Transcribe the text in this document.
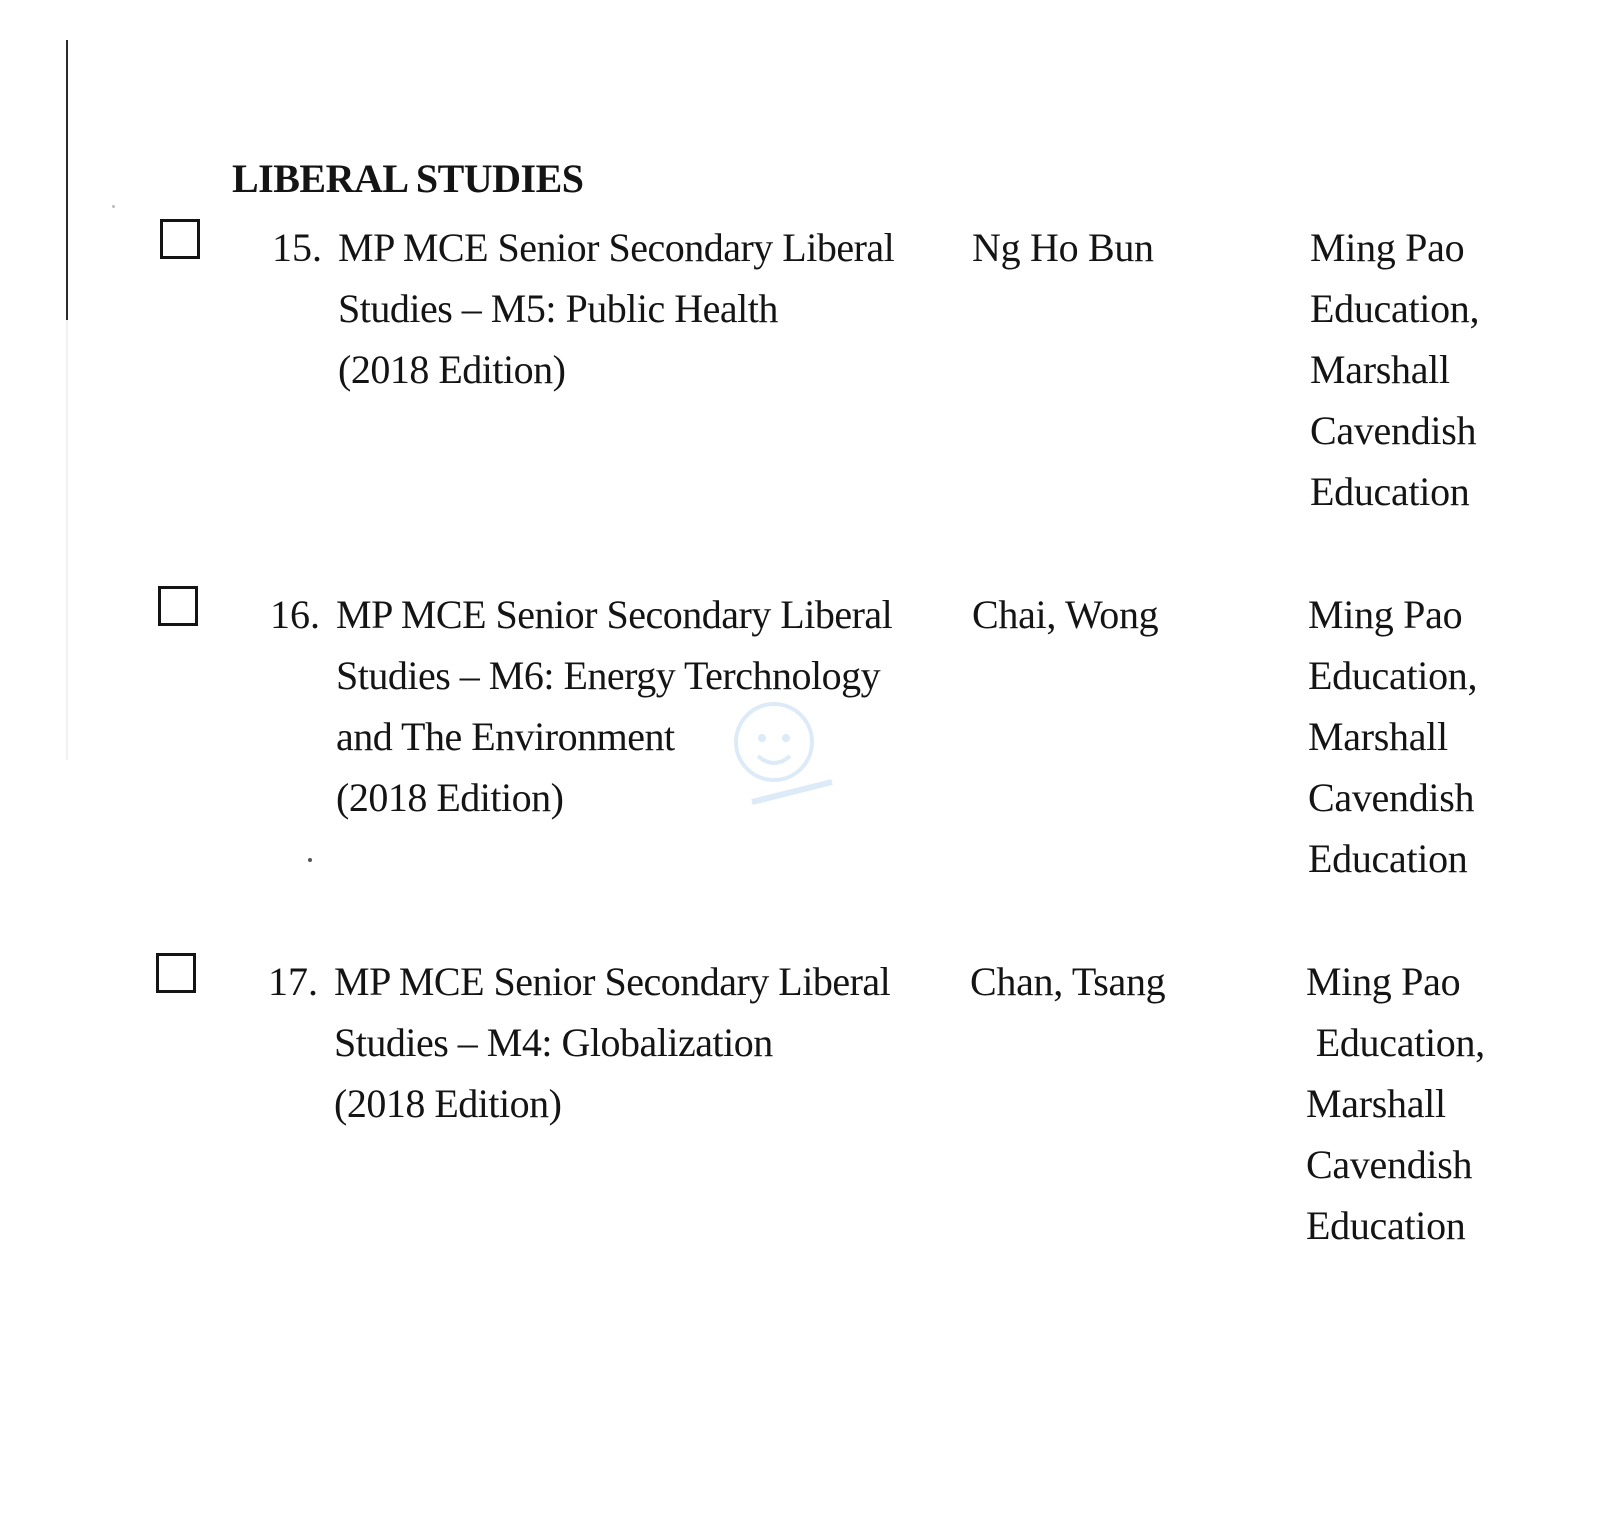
LIBERAL STUDIES
15. MP MCE Senior Secondary Liberal
Studies – M5: Public Health
(2018 Edition)
Ng Ho Bun	Ming Pao
Education,
Marshall
Cavendish
Education
16. MP MCE Senior Secondary Liberal
Studies – M6: Energy Terchnology
and The Environment
(2018 Edition)
Chai, Wong	Ming Pao
Education,
Marshall
Cavendish
Education
17. MP MCE Senior Secondary Liberal
Studies – M4: Globalization
(2018 Edition)
Chan, Tsang	Ming Pao
Education,
Marshall
Cavendish
Education
